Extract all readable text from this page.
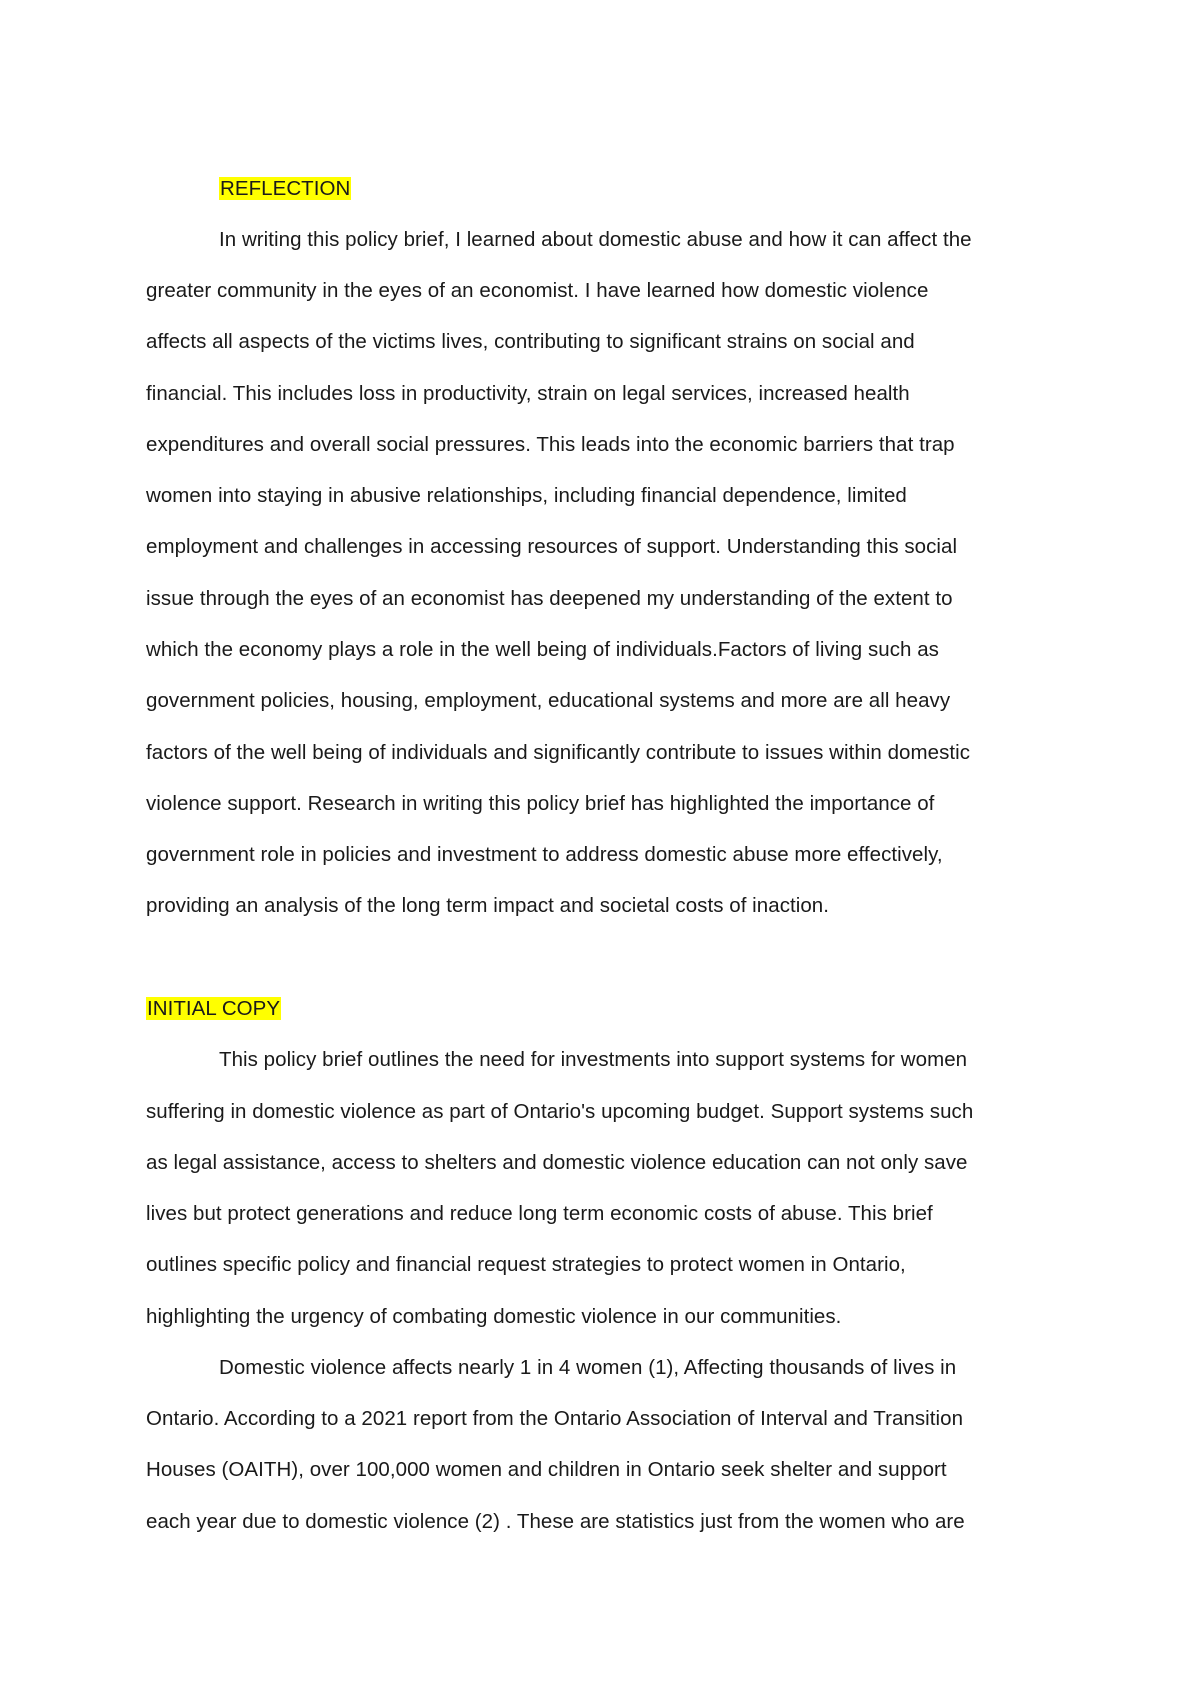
REFLECTION
In writing this policy brief, I learned about domestic abuse and how it can affect the
greater community in the eyes of an economist. I have learned how domestic violence
affects all aspects of the victims lives, contributing to significant strains on social and
financial. This includes loss in productivity, strain on legal services, increased health
expenditures and overall social pressures. This leads into the economic barriers that trap
women into staying in abusive relationships, including financial dependence, limited
employment and challenges in accessing resources of support. Understanding this social
issue through the eyes of an economist has deepened my understanding of the extent to
which the economy plays a role in the well being of individuals.Factors of living such as
government policies, housing, employment, educational systems and more are all heavy
factors of the well being of individuals and significantly contribute to issues within domestic
violence support. Research in writing this policy brief has highlighted the importance of
government role in policies and investment to address domestic abuse more effectively,
providing an analysis of the long term impact and societal costs of inaction.
INITIAL COPY
This policy brief outlines the need for investments into support systems for women
suffering in domestic violence as part of Ontario's upcoming budget. Support systems such
as legal assistance, access to shelters and domestic violence education can not only save
lives but protect generations and reduce long term economic costs of abuse. This brief
outlines specific policy and financial request strategies to protect women in Ontario,
highlighting the urgency of combating domestic violence in our communities.
Domestic violence affects nearly 1 in 4 women (1), Affecting thousands of lives in
Ontario. According to a 2021 report from the Ontario Association of Interval and Transition
Houses (OAITH), over 100,000 women and children in Ontario seek shelter and support
each year due to domestic violence (2) . These are statistics just from the women who are
